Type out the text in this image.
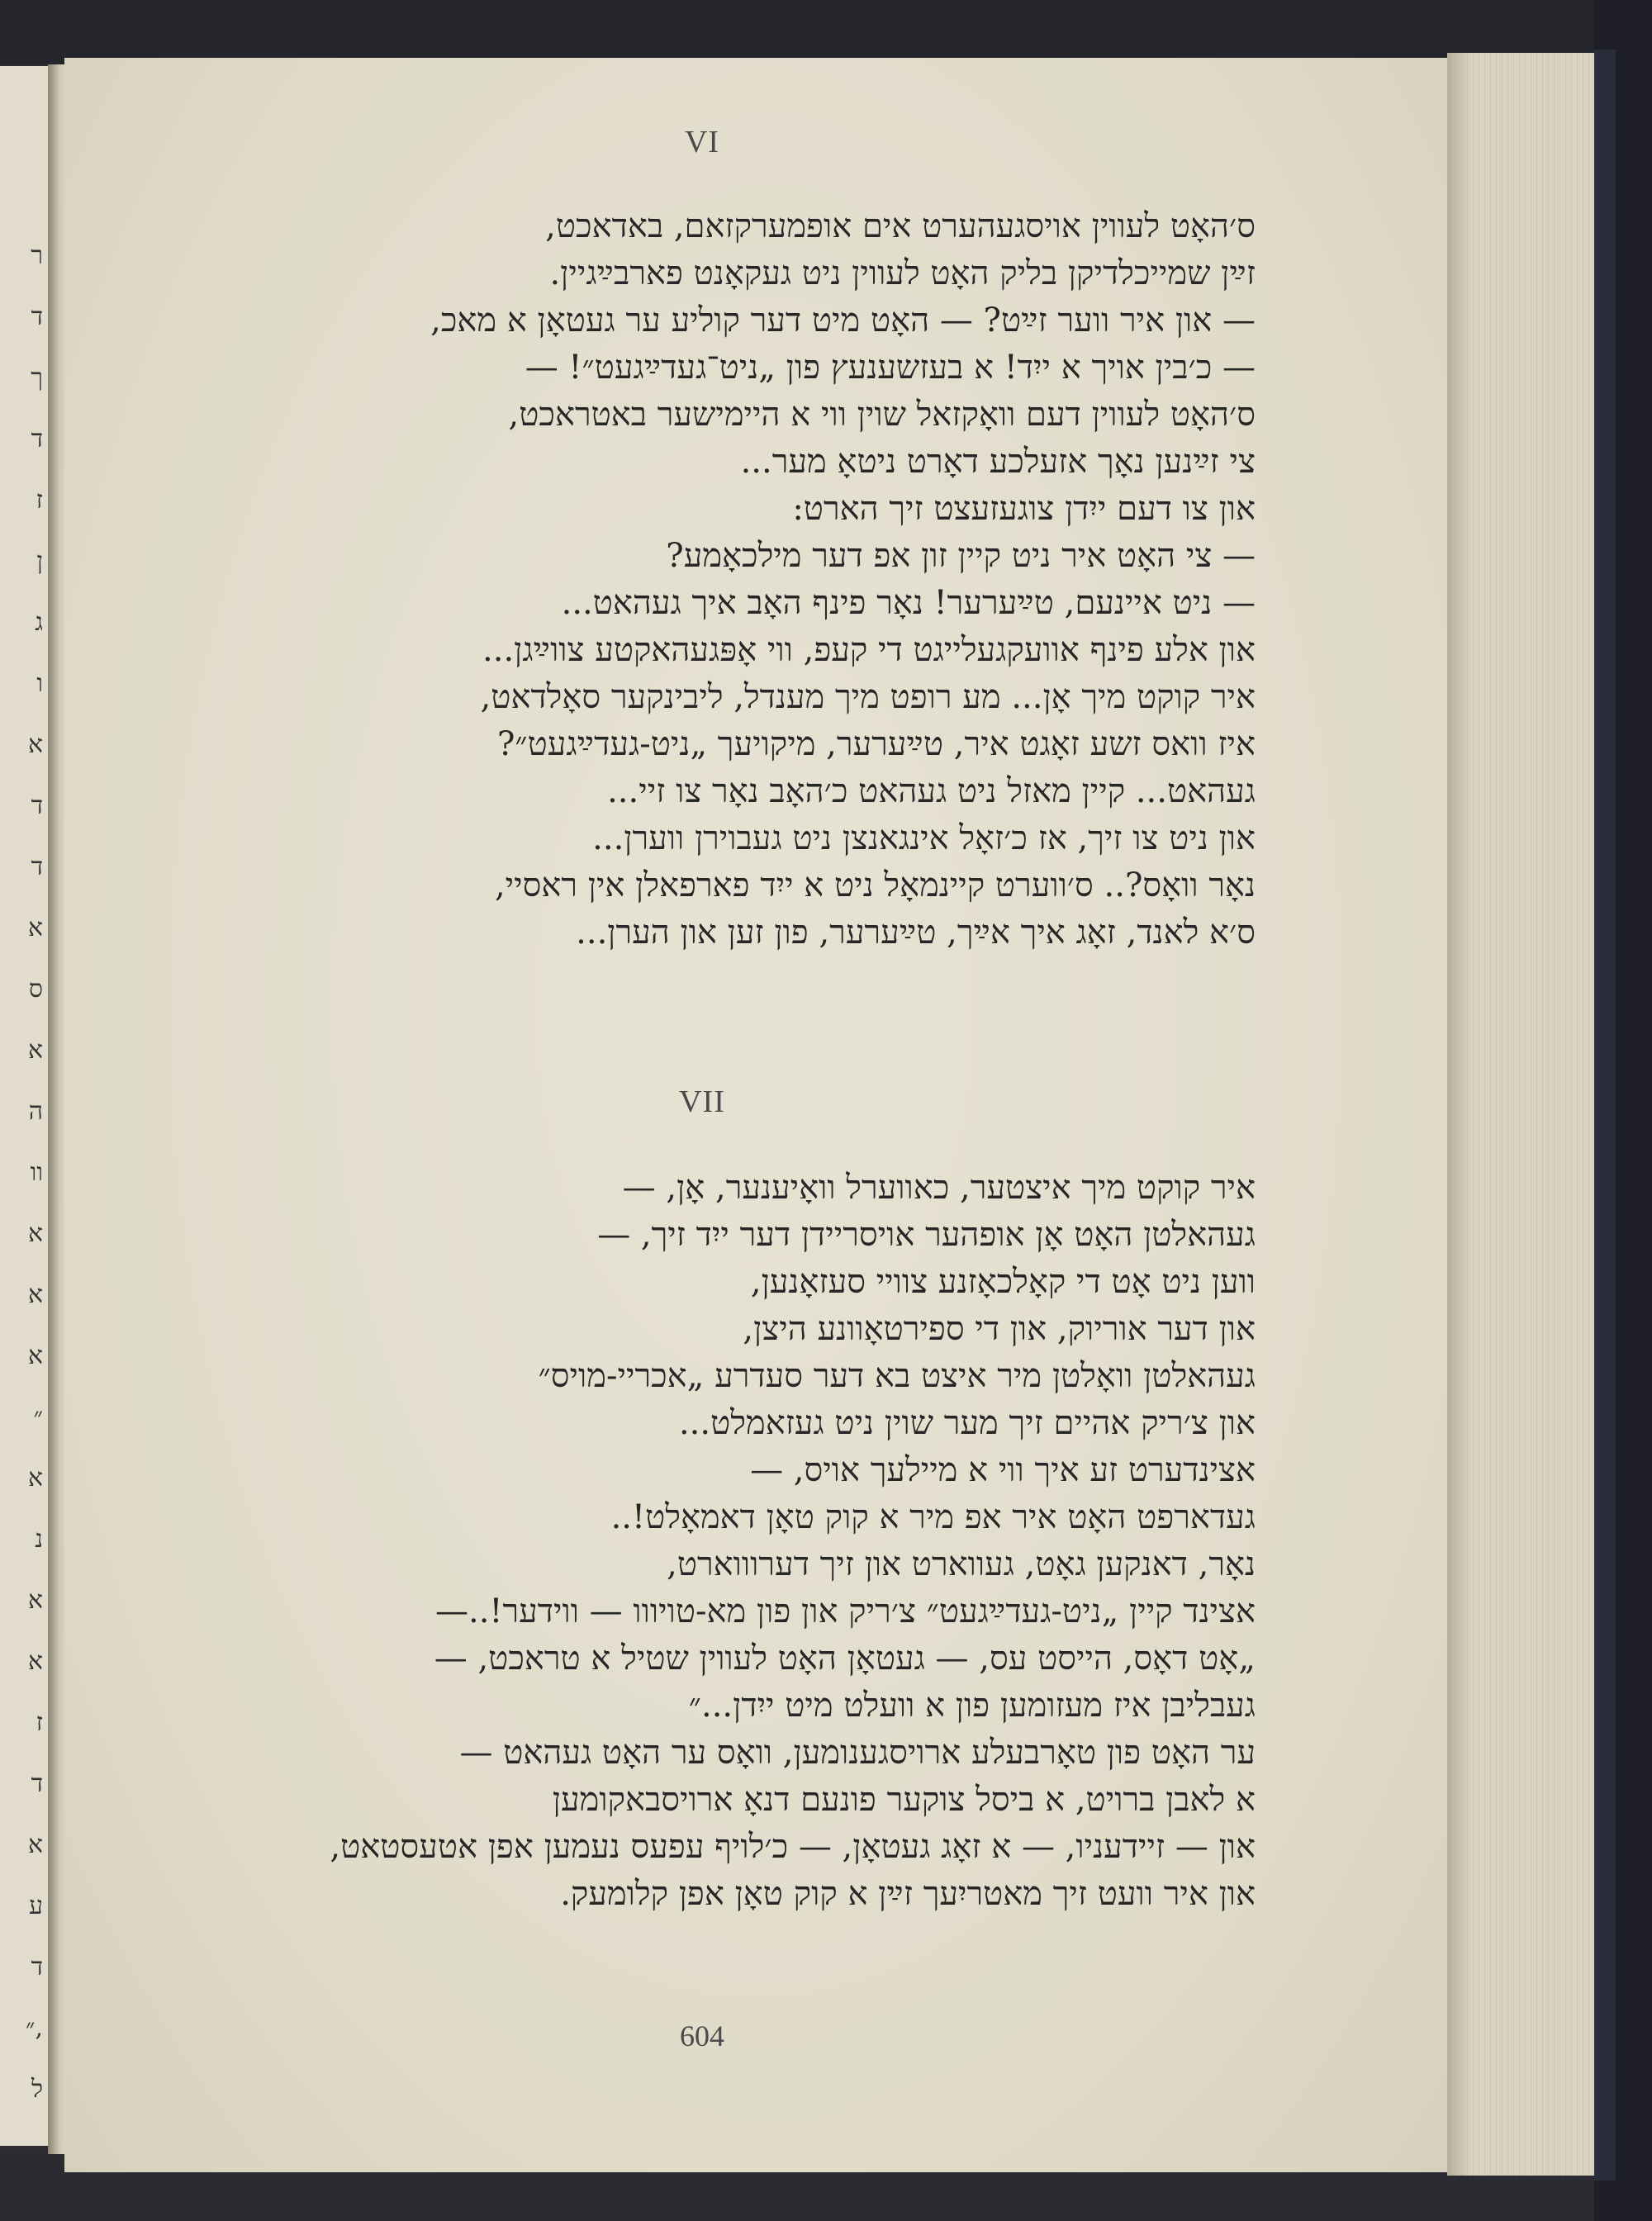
ר
ד
ך
ד
ז
ן
ג
ו
א
ד
ד
א
ס
א
ה
וו
א
א
א
״
א
נ
א
א
ז
ד
א
ע
ד
״,
ל
VI
ס׳האָט לעווין אויסגעהערט אים אופמערקזאם, באדאכט,
זײַן שמייכלדיקן בליק האָט לעווין ניט געקאָנט פארבײַגיין.
— און איר ווער זײַט? — האָט מיט דער קוליע ער געטאָן א מאכ,
— כ׳בין אויך א ייִד! א בעזשענעץ פון „ניט־געדײַגעט״! —
ס׳האָט לעווין דעם וואָקזאל שוין ווי א היימישער באטראכט,
צי זײַנען נאָך אזעלכע דאָרט ניטאָ מער...
און צו דעם ייִדן צוגעזעצט זיך הארט:
— צי האָט איר ניט קיין זון אפ דער מילכאָמע?
— ניט איינעם, טײַערער! נאָר פינף האָב איך געהאט...
און אלע פינף אוועקגעלייגט די קעפ, ווי אָפּגעהאקטע צווײַגן...
איר קוקט מיך אָן... מע רופט מיך מענדל, ליבינקער סאָלדאט,
איז וואס זשע זאָגט איר, טײַערער, מיקויעך „ניט-געדײַגעט״?
געהאט... קיין מאזל ניט געהאט כ׳האָב נאָר צו זיי...
און ניט צו זיך, אז כ׳זאָל אינגאנצן ניט געבוירן ווערן...
נאָר וואָס?.. ס׳ווערט קיינמאָל ניט א ייִד פארפאלן אין ראסיי,
ס׳א לאנד, זאָג איך אײַך, טײַערער, פון זען און הערן...
VII
איר קוקט מיך איצטער, כאווערל וואָיענער, אָן, —
געהאלטן האָט אָן אופהער אויסריידן דער ייִד זיך, —
ווען ניט אָט די קאָלכאָזנע צוויי סעזאָנען,
און דער אוריוק, און די ספירטאָוונע היצן,
געהאלטן וואָלטן מיר איצט בא דער סעדרע „אכריי-מויס״
און צ׳ריק אהיים זיך מער שוין ניט געזאמלט...
אצינדערט זע איך ווי א מיילעך אויס, —
געדארפט האָט איר אפ מיר א קוק טאָן דאמאָלט!..
נאָר, דאנקען גאָט, געווארט און זיך דערוווארט,
אצינד קיין „ניט-געדײַגעט״ צ׳ריק און פון מא-טויווו — ווידער!..—
„אָט דאָס, הייסט עס, — געטאָן האָט לעווין שטיל א טראכט, —
געבליבן איז מעזומען פון א וועלט מיט ייִדן...״
ער האָט פון טאָרבעלע ארויסגענומען, וואָס ער האָט געהאט —
א לאבן ברויט, א ביסל צוקער פונעם דנאָ ארויסבאקומען
און — זיידעניו, — א זאָג געטאָן, — כ׳לויף עפעס נעמען אפן אטעסטאט,
און איר וועט זיך מאטריִעך זײַן א קוק טאָן אפן קלומעק.
604
